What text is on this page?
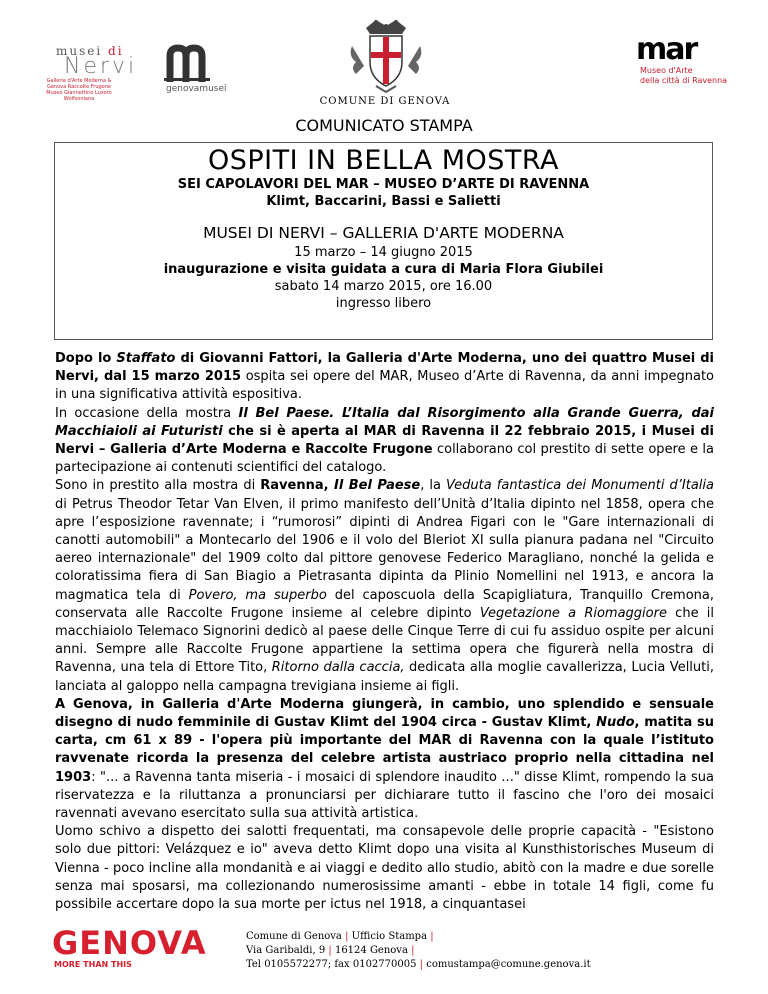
musei di
Nervi
Galleria d'Arte Moderna & Genova Raccolte Frugone Museo Giannettino Luxoro Wolfsoniana
genovamusei
COMUNE DI GENOVA
mar
Museo d'Arte
della città di Ravenna
COMUNICATO STAMPA
OSPITI IN BELLA MOSTRA
SEI CAPOLAVORI DEL MAR – MUSEO D’ARTE DI RAVENNA
Klimt, Baccarini, Bassi e Salietti
MUSEI DI NERVI – GALLERIA D'ARTE MODERNA
15 marzo – 14 giugno 2015
inaugurazione e visita guidata a cura di Maria Flora Giubilei
sabato 14 marzo 2015, ore 16.00
ingresso libero

Dopo lo Staffato di Giovanni Fattori, la Galleria d'Arte Moderna, uno dei quattro Musei di Nervi, dal 15 marzo 2015 ospita sei opere del MAR, Museo d’Arte di Ravenna, da anni impegnato in una significativa attività espositiva.

In occasione della mostra Il Bel Paese. L’Italia dal Risorgimento alla Grande Guerra, dai Macchiaioli ai Futuristi che si è aperta al MAR di Ravenna il 22 febbraio 2015, i Musei di Nervi – Galleria d’Arte Moderna e Raccolte Frugone collaborano col prestito di sette opere e la partecipazione ai contenuti scientifici del catalogo.

Sono in prestito alla mostra di Ravenna, Il Bel Paese, la Veduta fantastica dei Monumenti d’Italia di Petrus Theodor Tetar Van Elven, il primo manifesto dell’Unità d’Italia dipinto nel 1858, opera che apre l’esposizione ravennate; i “rumorosi” dipinti di Andrea Figari con le "Gare internazionali di canotti automobili" a Montecarlo del 1906 e il volo del Bleriot XI sulla pianura padana nel "Circuito aereo internazionale" del 1909 colto dal pittore genovese Federico Maragliano, nonché la gelida e coloratissima fiera di San Biagio a Pietrasanta dipinta da Plinio Nomellini nel 1913, e ancora la magmatica tela di Povero, ma superbo del caposcuola della Scapigliatura, Tranquillo Cremona, conservata alle Raccolte Frugone insieme al celebre dipinto Vegetazione a Riomaggiore che il macchiaiolo Telemaco Signorini dedicò al paese delle Cinque Terre di cui fu assiduo ospite per alcuni anni. Sempre alle Raccolte Frugone appartiene la settima opera che figurerà nella mostra di Ravenna, una tela di Ettore Tito, Ritorno dalla caccia, dedicata alla moglie cavallerizza, Lucia Velluti, lanciata al galoppo nella campagna trevigiana insieme ai figli.

A Genova, in Galleria d'Arte Moderna giungerà, in cambio, uno splendido e sensuale disegno di nudo femminile di Gustav Klimt del 1904 circa - Gustav Klimt, Nudo, matita su carta, cm 61 x 89 - l'opera più importante del MAR di Ravenna con la quale l’istituto ravvenate ricorda la presenza del celebre artista austriaco proprio nella cittadina nel 1903: "... a Ravenna tanta miseria - i mosaici di splendore inaudito ..." disse Klimt, rompendo la sua riservatezza e la riluttanza a pronunciarsi per dichiarare tutto il fascino che l'oro dei mosaici ravennati avevano esercitato sulla sua attività artistica.

Uomo schivo a dispetto dei salotti frequentati, ma consapevole delle proprie capacità - "Esistono solo due pittori: Velázquez e io" aveva detto Klimt dopo una visita al Kunsthistorisches Museum di Vienna - poco incline alla mondanità e ai viaggi e dedito allo studio, abitò con la madre e due sorelle senza mai sposarsi, ma collezionando numerosissime amanti - ebbe in totale 14 figli, come fu possibile accertare dopo la sua morte per ictus nel 1918, a cinquantasei

GENOVA
MORE THAN THIS
Comune di Genova | Ufficio Stampa |
Via Garibaldi, 9 | 16124 Genova |
Tel 0105572277; fax 0102770005 | comustampa@comune.genova.it
